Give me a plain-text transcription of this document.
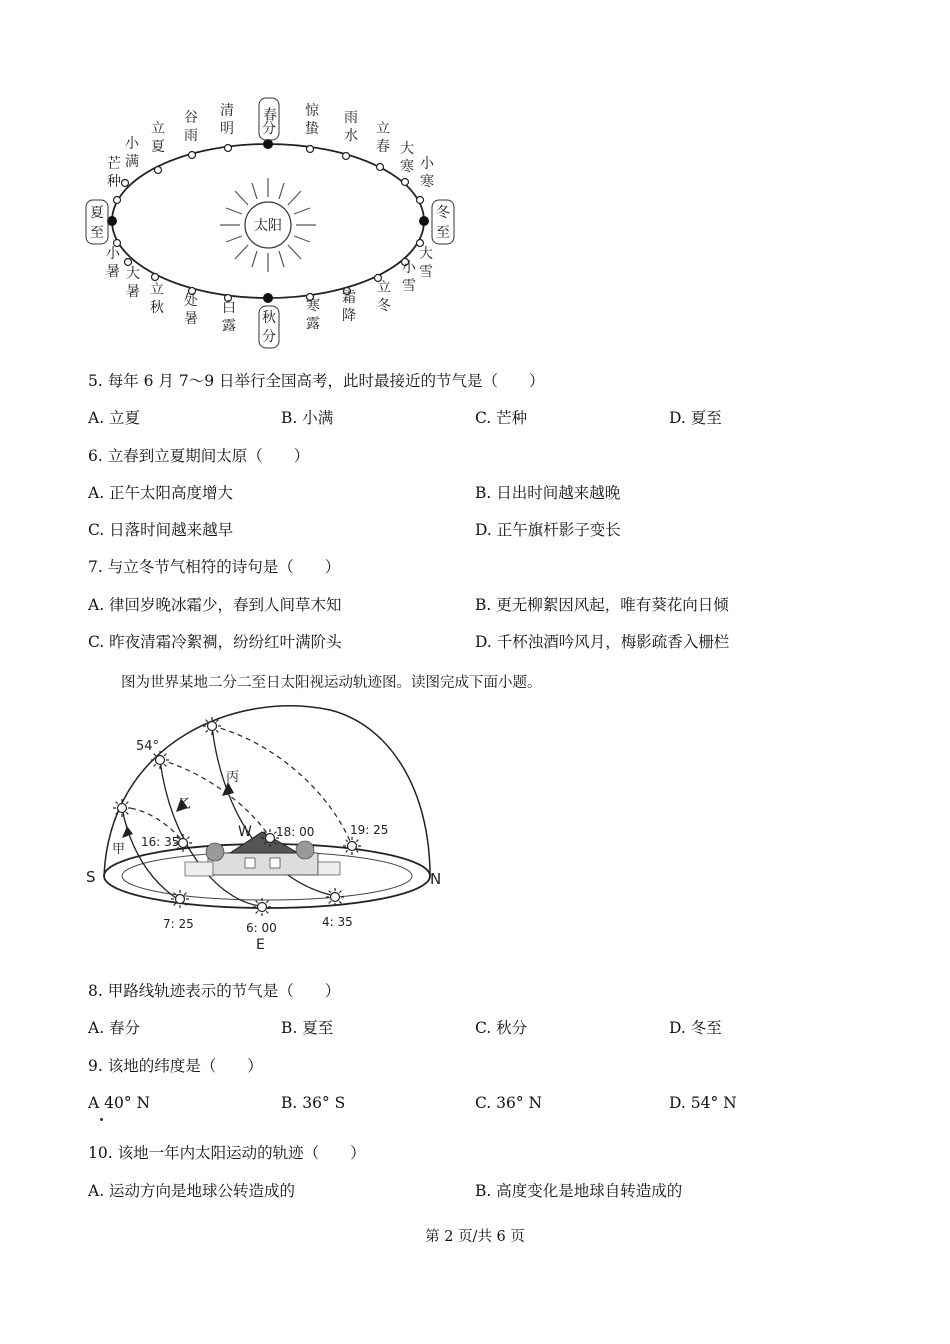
太阳
春
分
秋
分
夏
至
冬
至
小
满
立
夏
谷
雨
清
明
惊
蛰
雨
水 立
春 大
寒 小
寒
芒
种
小
暑 大
暑 立
秋 处
暑
白
露
寒
露
霜
降
立
冬
小
雪
大
雪
5. 每年 6 月 7～9 日举行全国高考，此时最接近的节气是（　　）
A. 立夏	B. 小满	C. 芒种	D. 夏至
6. 立春到立夏期间太原（　　）
A. 正午太阳高度增大	B. 日出时间越来越晚
C. 日落时间越来越早	D. 正午旗杆影子变长
7. 与立冬节气相符的诗句是（　　）
A. 律回岁晚冰霜少，春到人间草木知	B. 更无柳絮因风起，唯有葵花向日倾
C. 昨夜清霜冷絮裯，纷纷红叶满阶头	D. 千杯浊酒吟风月，梅影疏香入栅栏
图为世界某地二分二至日太阳视运动轨迹图。读图完成下面小题。
54°
甲
乙
丙
16: 35
18: 00	19: 25
7: 25	6: 00	4: 35
S	N
W
E
8. 甲路线轨迹表示的节气是（　　）
A. 春分	B. 夏至	C. 秋分	D. 冬至
9. 该地的纬度是（　　）
A 40° N	B. 36° S	C. 36° N	D. 54° N
10. 该地一年内太阳运动的轨迹（　　）
A. 运动方向是地球公转造成的	B. 高度变化是地球自转造成的
第 2 页/共 6 页
